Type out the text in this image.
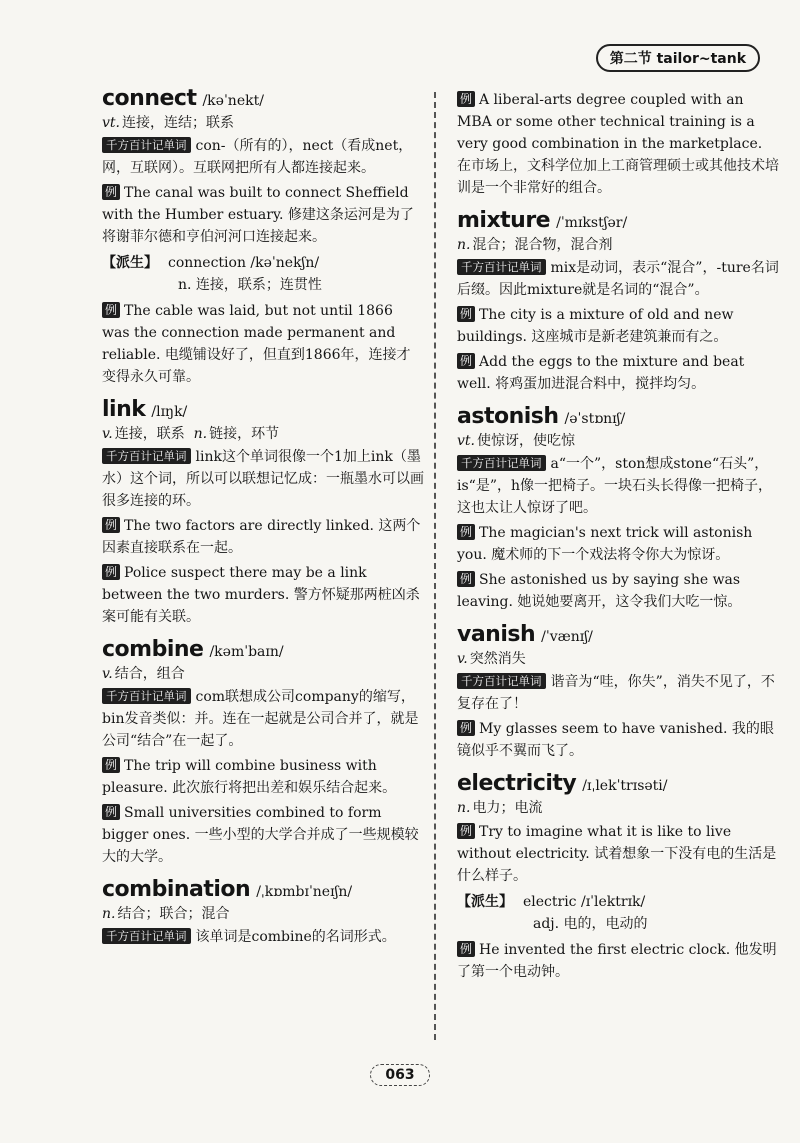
第二节 tailor~tank
connect /kəˈnekt/
vt. 连接，连结；联系
千方百计记单词 con-（所有的），nect（看成net，网，互联网）。互联网把所有人都连接起来。
例 The canal was built to connect Sheffield with the Humber estuary. 修建这条运河是为了将谢菲尔德和亨伯河河口连接起来。
【派生】 connection /kəˈnekʃn/
n. 连接，联系；连贯性
例 The cable was laid, but not until 1866 was the connection made permanent and reliable. 电缆铺设好了，但直到1866年，连接才变得永久可靠。
link /lɪŋk/
v. 连接，联系 n. 链接，环节
千方百计记单词 link这个单词很像一个1加上ink（墨水）这个词，所以可以联想记忆成：一瓶墨水可以画很多连接的环。
例 The two factors are directly linked. 这两个因素直接联系在一起。
例 Police suspect there may be a link between the two murders. 警方怀疑那两桩凶杀案可能有关联。
combine /kəmˈbaɪn/
v. 结合，组合
千方百计记单词 com联想成公司company的缩写，bin发音类似：并。连在一起就是公司合并了，就是公司“结合”在一起了。
例 The trip will combine business with pleasure. 此次旅行将把出差和娱乐结合起来。
例 Small universities combined to form bigger ones. 一些小型的大学合并成了一些规模较大的大学。
combination /ˌkɒmbɪˈneɪʃn/
n. 结合；联合；混合
千方百计记单词 该单词是combine的名词形式。
例 A liberal-arts degree coupled with an MBA or some other technical training is a very good combination in the marketplace. 在市场上，文科学位加上工商管理硕士或其他技术培训是一个非常好的组合。
mixture /ˈmɪkstʃər/
n. 混合；混合物，混合剂
千方百计记单词 mix是动词，表示“混合”，-ture名词后缀。因此mixture就是名词的“混合”。
例 The city is a mixture of old and new buildings. 这座城市是新老建筑兼而有之。
例 Add the eggs to the mixture and beat well. 将鸡蛋加进混合料中，搅拌均匀。
astonish /əˈstɒnɪʃ/
vt. 使惊讶，使吃惊
千方百计记单词 a“一个”，ston想成stone“石头”，is“是”，h像一把椅子。一块石头长得像一把椅子，这也太让人惊讶了吧。
例 The magician's next trick will astonish you. 魔术师的下一个戏法将令你大为惊讶。
例 She astonished us by saying she was leaving. 她说她要离开，这令我们大吃一惊。
vanish /ˈvænɪʃ/
v. 突然消失
千方百计记单词 谐音为“哇，你失”，消失不见了，不复存在了！
例 My glasses seem to have vanished. 我的眼镜似乎不翼而飞了。
electricity /ɪˌlekˈtrɪsəti/
n. 电力；电流
例 Try to imagine what it is like to live without electricity. 试着想象一下没有电的生活是什么样子。
【派生】 electric /ɪˈlektrɪk/
adj. 电的，电动的
例 He invented the first electric clock. 他发明了第一个电动钟。
063
